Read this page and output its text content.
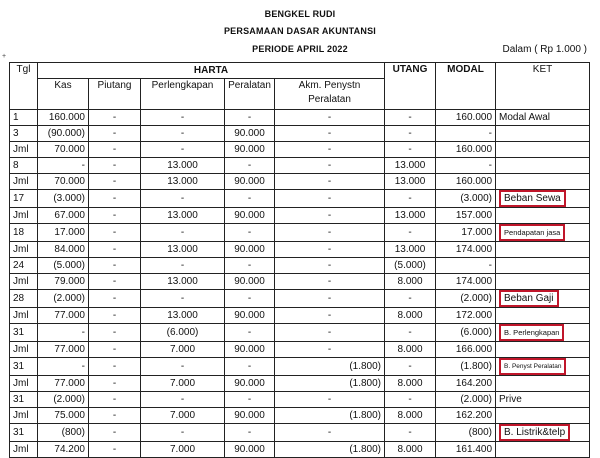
BENGKEL RUDI
PERSAMAAN DASAR AKUNTANSI
PERIODE APRIL 2022	Dalam ( Rp 1.000 )
+
Tgl	HARTA					UTANG	MODAL	KET
	Kas	Piutang	Perlengkapan	Peralatan	Akm. Penystn
Peralatan			

1	160.000	-	-	-	-	-	160.000	Modal Awal
3	(90.000)	-	-	90.000	-	-	-	
Jml	70.000	-	-	90.000	-	-	160.000	
8	-	-	13.000	-	-	13.000	-	
Jml	70.000	-	13.000	90.000	-	13.000	160.000	
17	(3.000)	-	-	-	-	-	(3.000)	Beban Sewa
Jml	67.000	-	13.000	90.000	-	13.000	157.000	
18	17.000	-	-	-	-	-	17.000	Pendapatan jasa
Jml	84.000	-	13.000	90.000	-	13.000	174.000	
24	(5.000)	-	-	-	-	(5.000)	-	
Jml	79.000	-	13.000	90.000	-	8.000	174.000	
28	(2.000)	-	-	-	-	-	(2.000)	Beban Gaji
Jml	77.000	-	13.000	90.000	-	8.000	172.000	
31	-	-	(6.000)	-	-	-	(6.000)	B. Perlengkapan
Jml	77.000	-	7.000	90.000	-	8.000	166.000	
31	-	-	-	-	(1.800)	-	(1.800)	B. Penyst Peralatan
Jml	77.000	-	7.000	90.000	(1.800)	8.000	164.200	
31	(2.000)	-	-	-	-	-	(2.000)	Prive
Jml	75.000	-	7.000	90.000	(1.800)	8.000	162.200	
31	(800)	-	-	-	-	-	(800)	B. Listrik&telp
Jml	74.200	-	7.000	90.000	(1.800)	8.000	161.400	
